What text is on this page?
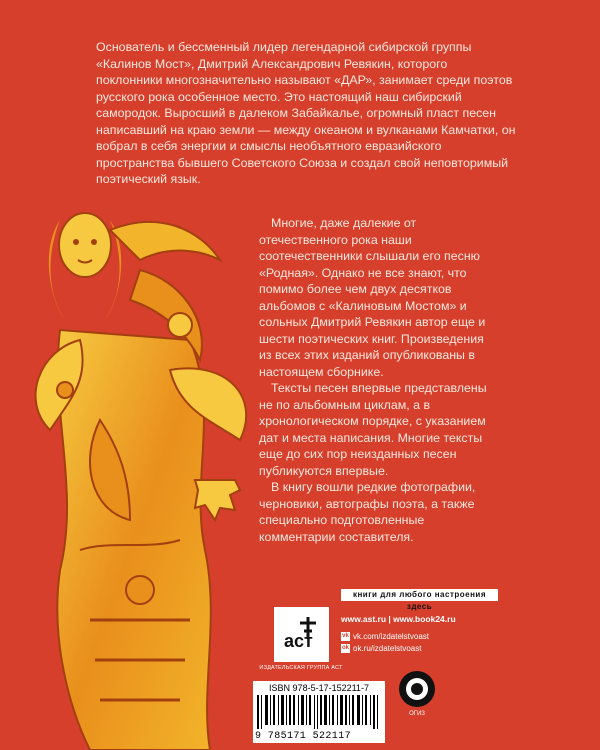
Основатель и бессменный лидер легендарной сибирской группы «Калинов Мост», Дмитрий Александрович Ревякин, которого поклонники многозначительно называют «ДАР», занимает среди поэтов русского рока особенное место. Это настоящий наш сибирский самородок. Выросший в далеком Забайкалье, огромный пласт песен написавший на краю земли — между океаном и вулканами Камчатки, он вобрал в себя энергии и смыслы необъятного евразийского пространства бывшего Советского Союза и создал свой неповторимый поэтический язык.

Многие, даже далекие от отечественного рока наши соотечественники слышали его песню «Родная». Однако не все знают, что помимо более чем двух десятков альбомов с «Калиновым Мостом» и сольных Дмитрий Ревякин автор еще и шести поэтических книг. Произведения из всех этих изданий опубликованы в настоящем сборнике.
Тексты песен впервые представлены не по альбомным циклам, а в хронологическом порядке, с указанием дат и места написания. Многие тексты еще до сих пор неизданных песен публикуются впервые.
В книгу вошли редкие фотографии, черновики, автографы поэта, а также специально подготовленные комментарии составителя.
книги для любого настроения здесь
аст
ИЗДАТЕЛЬСКАЯ ГРУППА АСТ
www.ast.ru | www.book24.ru
vk vk.com/izdatelstvoast
ok ok.ru/izdatelstvoast
ISBN 978-5-17-152211-7
9 785171 522117
ОГИЗ
